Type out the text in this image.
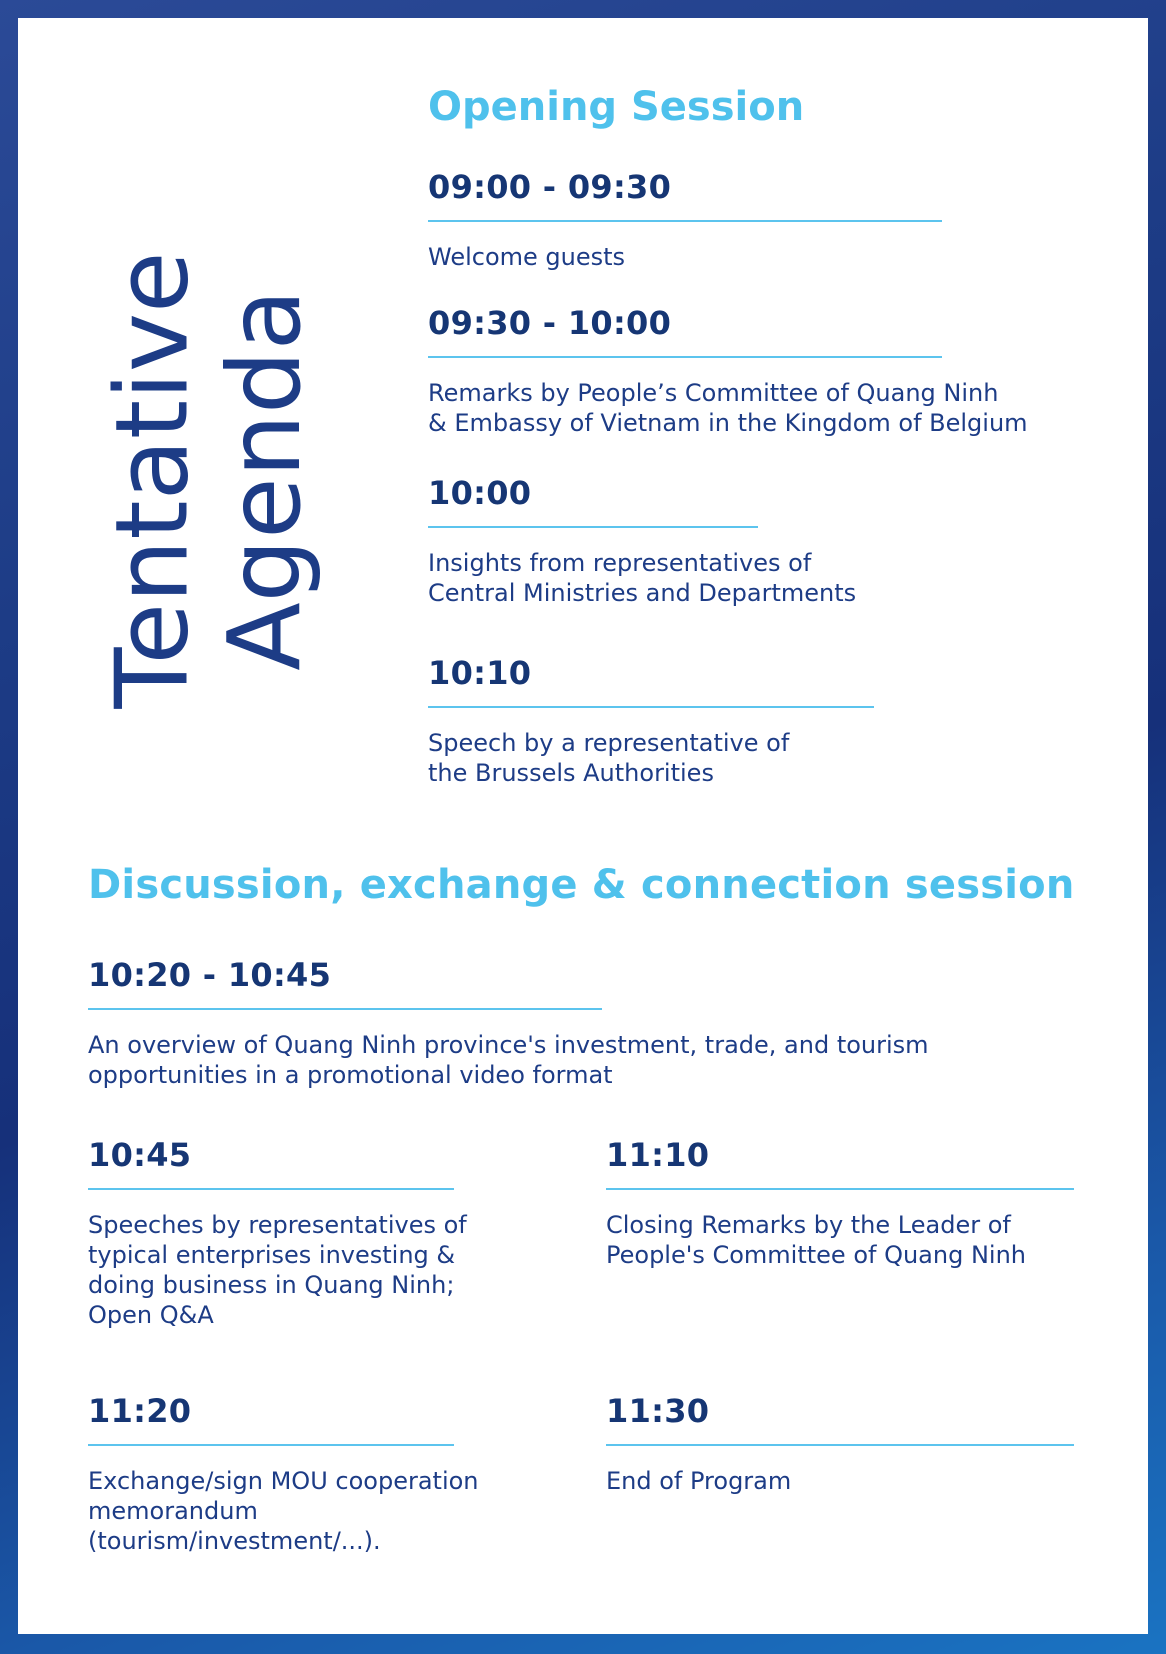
Tentative
Agenda
Opening Session
09:00 - 09:30
Welcome guests
09:30 - 10:00
Remarks by People’s Committee of Quang Ninh
& Embassy of Vietnam in the Kingdom of Belgium
10:00
Insights from representatives of
Central Ministries and Departments
10:10
Speech by a representative of
the Brussels Authorities
Discussion, exchange & connection session
10:20 - 10:45
An overview of Quang Ninh province's investment, trade, and tourism
opportunities in a promotional video format
10:45
Speeches by representatives of
typical enterprises investing &
doing business in Quang Ninh;
Open Q&A
11:10
Closing Remarks by the Leader of
People's Committee of Quang Ninh
11:20
Exchange/sign MOU cooperation
memorandum
(tourism/investment/...).
11:30
End of Program
